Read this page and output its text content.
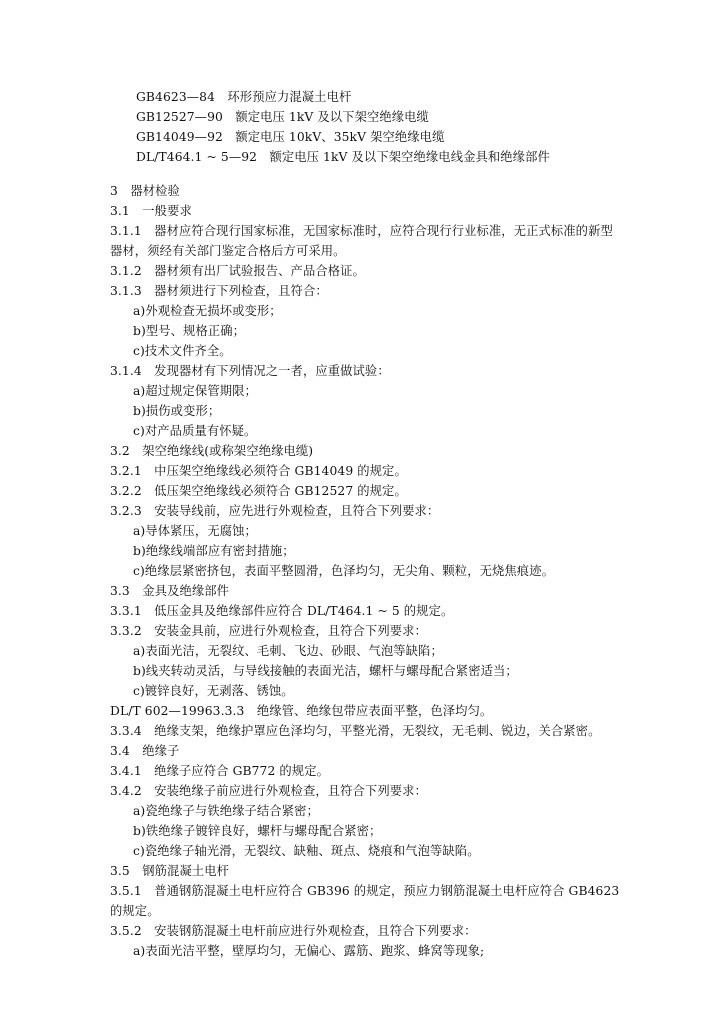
GB4623—84　环形预应力混凝土电杆
GB12527—90　额定电压 1kV 及以下架空绝缘电缆
GB14049—92　额定电压 10kV、35kV 架空绝缘电缆
DL/T464.1 ~ 5—92　额定电压 1kV 及以下架空绝缘电线金具和绝缘部件
3　器材检验
3.1　一般要求
3.1.1　器材应符合现行国家标准，无国家标准时，应符合现行行业标准，无正式标准的新型
器材，须经有关部门鉴定合格后方可采用。
3.1.2　器材须有出厂试验报告、产品合格证。
3.1.3　器材须进行下列检查，且符合：
a)外观检查无损坏或变形；
b)型号、规格正确；
c)技术文件齐全。
3.1.4　发现器材有下列情况之一者，应重做试验：
a)超过规定保管期限；
b)损伤或变形；
c)对产品质量有怀疑。
3.2　架空绝缘线(或称架空绝缘电缆)
3.2.1　中压架空绝缘线必须符合 GB14049 的规定。
3.2.2　低压架空绝缘线必须符合 GB12527 的规定。
3.2.3　安装导线前，应先进行外观检查，且符合下列要求：
a)导体紧压，无腐蚀；
b)绝缘线端部应有密封措施；
c)绝缘层紧密挤包，表面平整圆滑，色泽均匀，无尖角、颗粒，无烧焦痕迹。
3.3　金具及绝缘部件
3.3.1　低压金具及绝缘部件应符合 DL/T464.1 ~ 5 的规定。
3.3.2　安装金具前，应进行外观检查，且符合下列要求：
a)表面光洁，无裂纹、毛刺、飞边、砂眼、气泡等缺陷；
b)线夹转动灵活，与导线接触的表面光洁，螺杆与螺母配合紧密适当；
c)镀锌良好，无剥落、锈蚀。
DL/T 602—19963.3.3　绝缘管、绝缘包带应表面平整，色泽均匀。
3.3.4　绝缘支架，绝缘护罩应色泽均匀，平整光滑，无裂纹，无毛刺、锐边，关合紧密。
3.4　绝缘子
3.4.1　绝缘子应符合 GB772 的规定。
3.4.2　安装绝缘子前应进行外观检查，且符合下列要求：
a)瓷绝缘子与铁绝缘子结合紧密；
b)铁绝缘子镀锌良好，螺杆与螺母配合紧密；
c)瓷绝缘子轴光滑，无裂纹、缺釉、斑点、烧痕和气泡等缺陷。
3.5　钢筋混凝土电杆
3.5.1　普通钢筋混凝土电杆应符合 GB396 的规定，预应力钢筋混凝土电杆应符合 GB4623
的规定。
3.5.2　安装钢筋混凝土电杆前应进行外观检查，且符合下列要求：
a)表面光洁平整，壁厚均匀，无偏心、露筋、跑浆、蜂窝等现象;
